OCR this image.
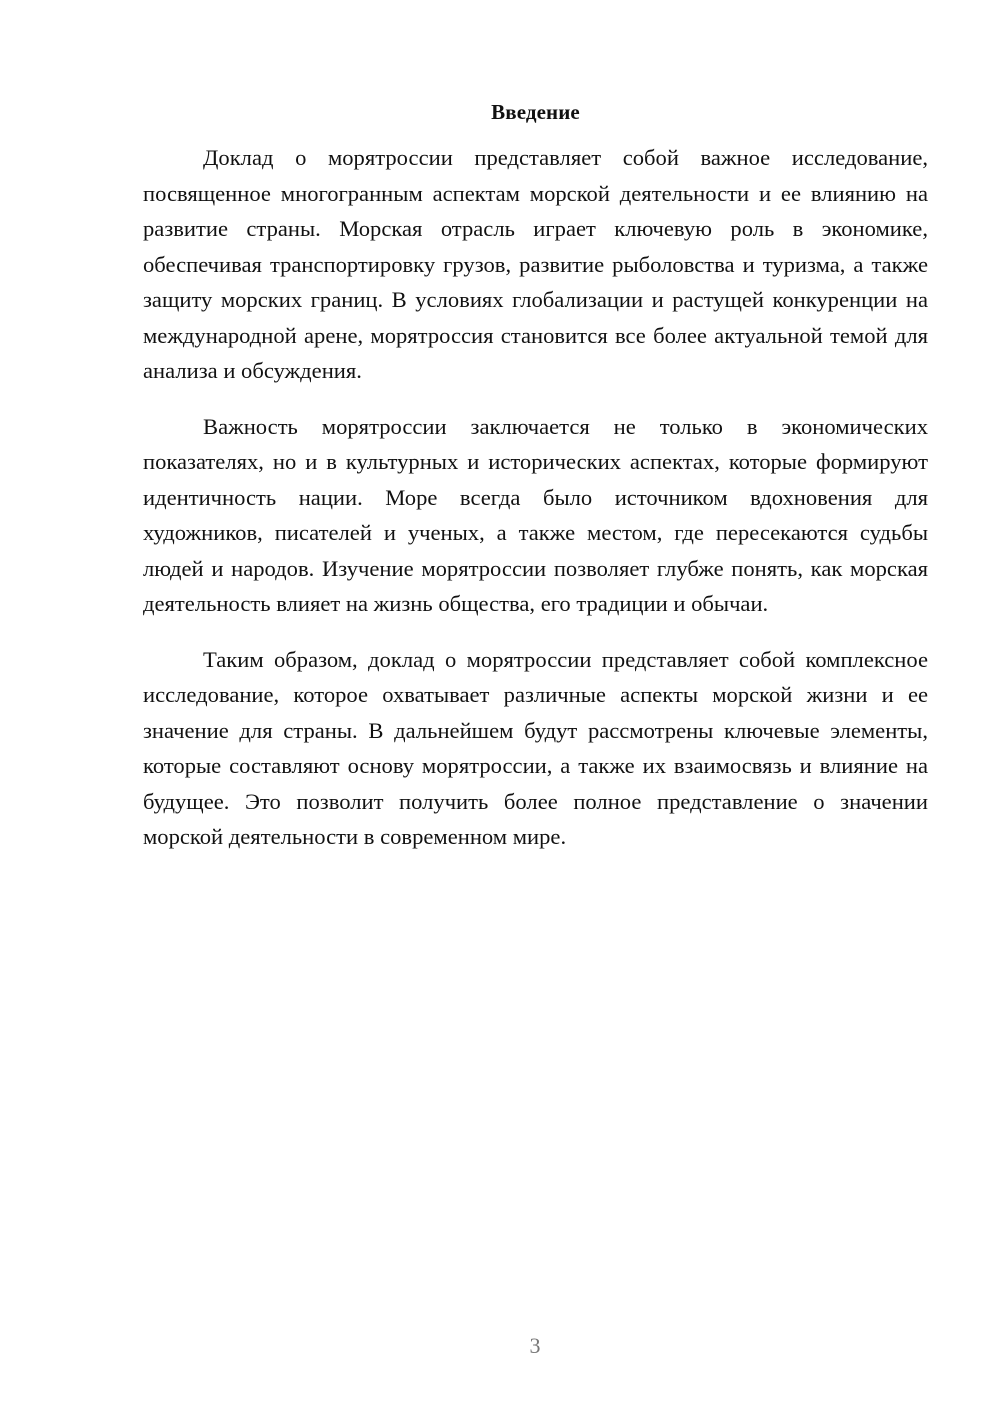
Введение

Доклад о морятроссии представляет собой важное исследование, посвященное многогранным аспектам морской деятельности и ее влиянию на развитие страны. Морская отрасль играет ключевую роль в экономике, обеспечивая транспортировку грузов, развитие рыболовства и туризма, а также защиту морских границ. В условиях глобализации и растущей конкуренции на международной арене, морятроссия становится все более актуальной темой для анализа и обсуждения.

Важность морятроссии заключается не только в экономических показателях, но и в культурных и исторических аспектах, которые формируют идентичность нации. Море всегда было источником вдохновения для художников, писателей и ученых, а также местом, где пересекаются судьбы людей и народов. Изучение морятроссии позволяет глубже понять, как морская деятельность влияет на жизнь общества, его традиции и обычаи.

Таким образом, доклад о морятроссии представляет собой комплексное исследование, которое охватывает различные аспекты морской жизни и ее значение для страны. В дальнейшем будут рассмотрены ключевые элементы, которые составляют основу морятроссии, а также их взаимосвязь и влияние на будущее. Это позволит получить более полное представление о значении морской деятельности в современном мире.

3
